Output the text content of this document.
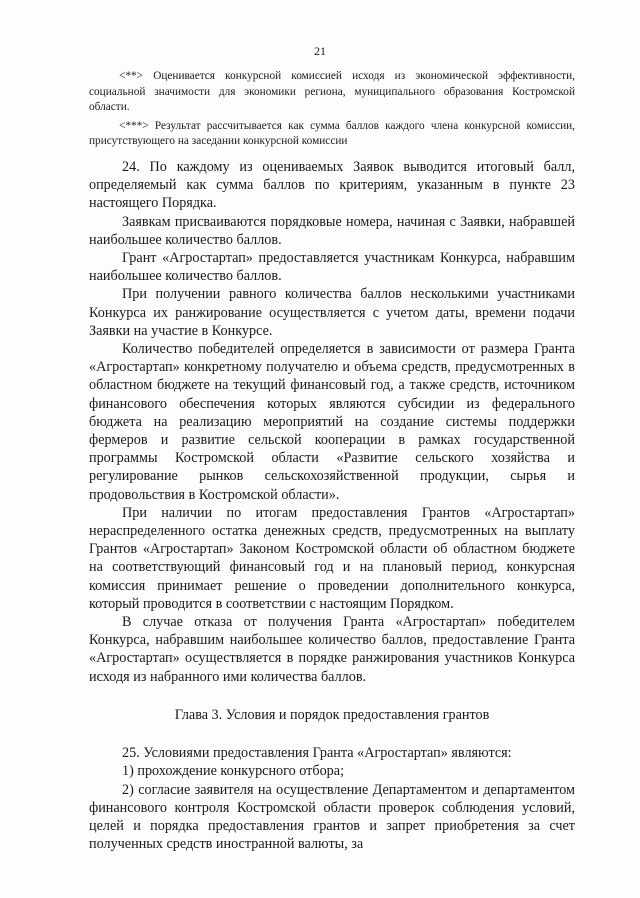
21

<**> Оценивается конкурсной комиссией исходя из экономической эффективности, социальной значимости для экономики региона, муниципального образования Костромской области.

<***> Результат рассчитывается как сумма баллов каждого члена конкурсной комиссии, присутствующего на заседании конкурсной комиссии

24. По каждому из оцениваемых Заявок выводится итоговый балл, определяемый как сумма баллов по критериям, указанным в пункте 23 настоящего Порядка.

Заявкам присваиваются порядковые номера, начиная с Заявки, набравшей наибольшее количество баллов.

Грант «Агростартап» предоставляется участникам Конкурса, набравшим наибольшее количество баллов.

При получении равного количества баллов несколькими участниками Конкурса их ранжирование осуществляется с учетом даты, времени подачи Заявки на участие в Конкурсе.

Количество победителей определяется в зависимости от размера Гранта «Агростартап» конкретному получателю и объема средств, предусмотренных в областном бюджете на текущий финансовый год, а также средств, источником финансового обеспечения которых являются субсидии из федерального бюджета на реализацию мероприятий на создание системы поддержки фермеров и развитие сельской кооперации в рамках государственной программы Костромской области «Развитие сельского хозяйства и регулирование рынков сельскохозяйственной продукции, сырья и продовольствия в Костромской области».

При наличии по итогам предоставления Грантов «Агростартап» нераспределенного остатка денежных средств, предусмотренных на выплату Грантов «Агростартап» Законом Костромской области об областном бюджете на соответствующий финансовый год и на плановый период, конкурсная комиссия принимает решение о проведении дополнительного конкурса, который проводится в соответствии с настоящим Порядком.

В случае отказа от получения Гранта «Агростартап» победителем Конкурса, набравшим наибольшее количество баллов, предоставление Гранта «Агростартап» осуществляется в порядке ранжирования участников Конкурса исходя из набранного ими количества баллов.

Глава 3. Условия и порядок предоставления грантов

25. Условиями предоставления Гранта «Агростартап» являются:

1) прохождение конкурсного отбора;

2) согласие заявителя на осуществление Департаментом и департаментом финансового контроля Костромской области проверок соблюдения условий, целей и порядка предоставления грантов и запрет приобретения за счет полученных средств иностранной валюты, за
